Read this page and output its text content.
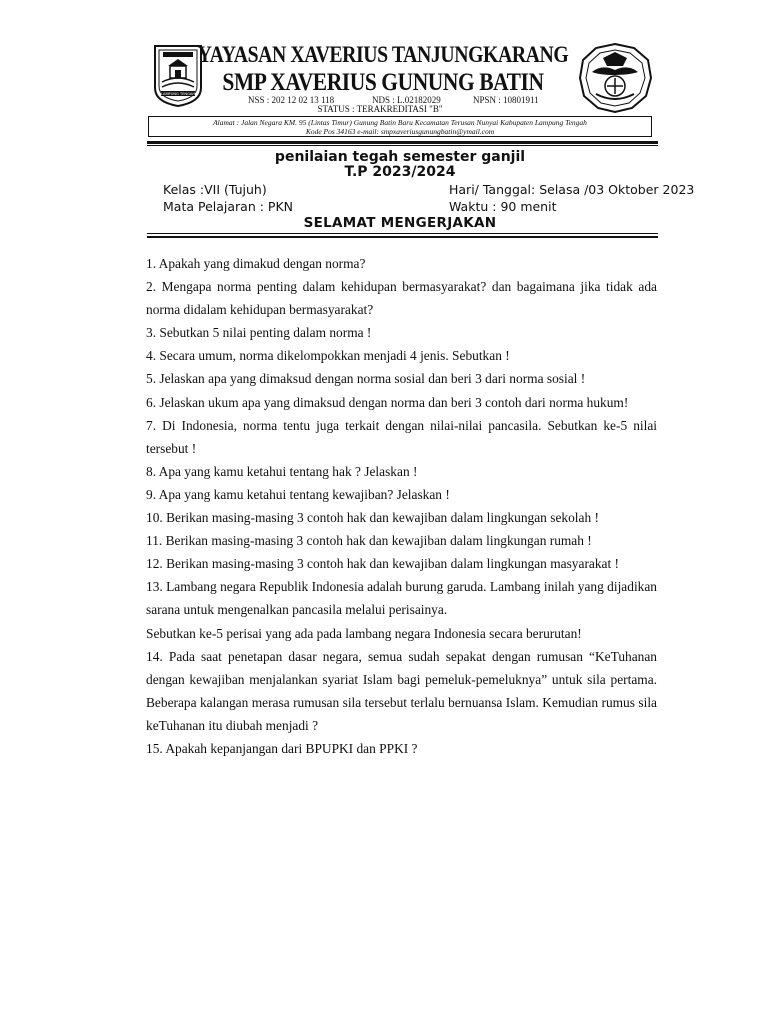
LAMPUNG TENGAH
YAYASAN XAVERIUS TANJUNGKARANG
SMP XAVERIUS GUNUNG BATIN
NSS : 202 12 02 13 118	NDS : L.02182029	NPSN : 10801911
STATUS : TERAKREDITASI "B"
Alamat : Jalan Negara KM. 95 (Lintas Timur) Gunung Batin Baru Kecamatan Terusan Nunyai Kabupaten Lampung Tengah
Kode Pos 34163 e-mail: smpxaveriusgunungbatin@ymail.com
penilaian tegah semester ganjil
T.P 2023/2024
Kelas :VII (Tujuh)
Mata Pelajaran : PKN
Hari/ Tanggal: Selasa /03 Oktober 2023
Waktu : 90 menit
SELAMAT MENGERJAKAN

1. Apakah yang dimakud dengan norma?

2. Mengapa norma penting dalam kehidupan bermasyarakat? dan bagaimana jika tidak ada norma didalam kehidupan bermasyarakat?

3. Sebutkan 5 nilai penting dalam norma !

4. Secara umum, norma dikelompokkan menjadi 4 jenis. Sebutkan !

5. Jelaskan apa yang dimaksud dengan norma sosial dan beri 3 dari norma sosial !

6. Jelaskan ukum apa yang dimaksud dengan norma dan beri 3 contoh dari norma hukum!

7. Di Indonesia, norma tentu juga terkait dengan nilai-nilai pancasila. Sebutkan ke-5 nilai tersebut !

8. Apa yang kamu ketahui tentang hak ? Jelaskan !

9. Apa yang kamu ketahui tentang kewajiban? Jelaskan !

10. Berikan masing-masing 3 contoh hak dan kewajiban dalam lingkungan sekolah !

11. Berikan masing-masing 3 contoh hak dan kewajiban dalam lingkungan rumah !

12. Berikan masing-masing 3 contoh hak dan kewajiban dalam lingkungan masyarakat !

13. Lambang negara Republik Indonesia adalah burung garuda. Lambang inilah yang dijadikan sarana untuk mengenalkan pancasila melalui perisainya.

Sebutkan ke-5 perisai yang ada pada lambang negara Indonesia secara berurutan!

14. Pada saat penetapan dasar negara, semua sudah sepakat dengan rumusan “KeTuhanan dengan kewajiban menjalankan syariat Islam bagi pemeluk-pemeluknya” untuk sila pertama. Beberapa kalangan merasa rumusan sila tersebut terlalu bernuansa Islam. Kemudian rumus sila keTuhanan itu diubah menjadi ?

15. Apakah kepanjangan dari BPUPKI dan PPKI ?
